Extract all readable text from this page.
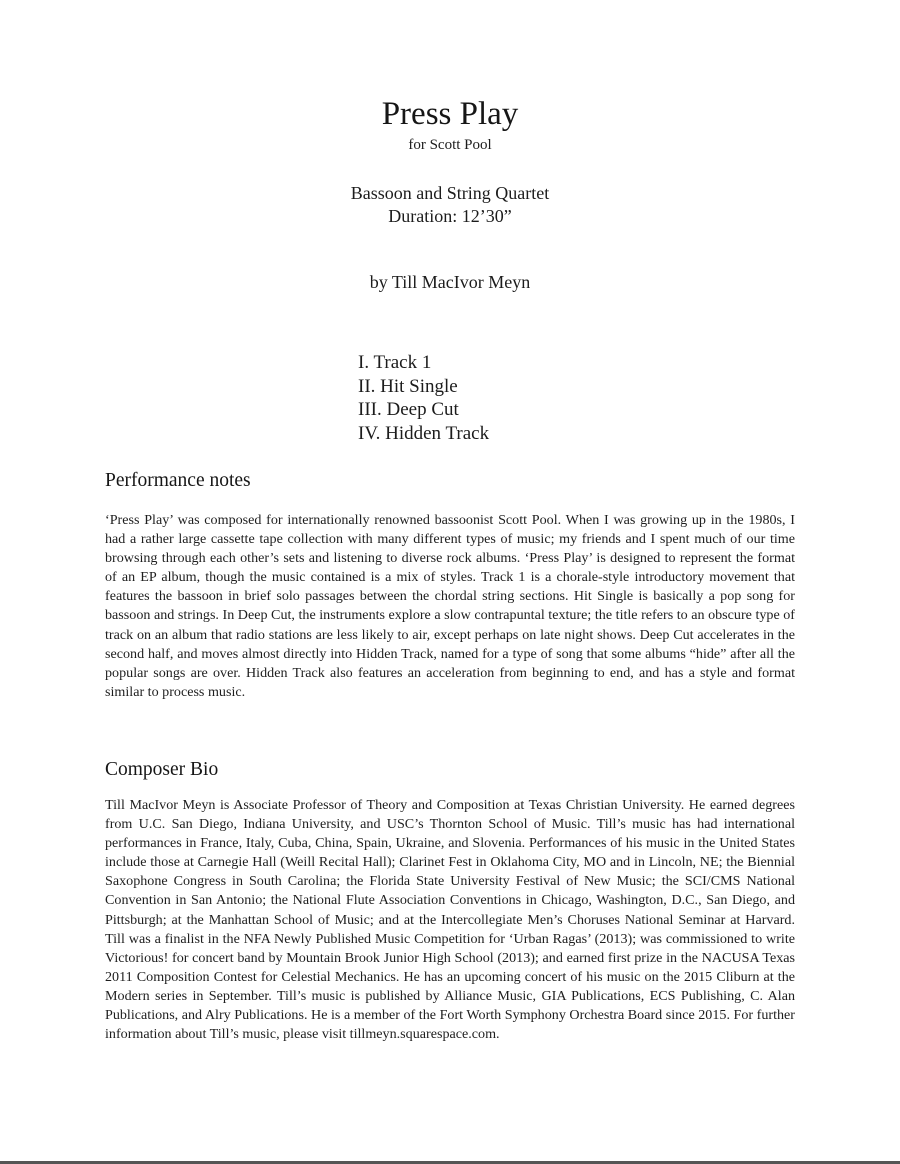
Press Play
for Scott Pool
Bassoon and String Quartet
Duration: 12’30”
by Till MacIvor Meyn
I. Track 1
II. Hit Single
III. Deep Cut
IV. Hidden Track
Performance notes

‘Press Play’ was composed for internationally renowned bassoonist Scott Pool. When I was growing up in the 1980s, I had a rather large cassette tape collection with many different types of music; my friends and I spent much of our time browsing through each other’s sets and listening to diverse rock albums. ‘Press Play’ is designed to represent the format of an EP album, though the music contained is a mix of styles. Track 1 is a chorale-style introductory movement that features the bassoon in brief solo passages between the chordal string sections. Hit Single is basically a pop song for bassoon and strings. In Deep Cut, the instruments explore a slow contrapuntal texture; the title refers to an obscure type of track on an album that radio stations are less likely to air, except perhaps on late night shows. Deep Cut accelerates in the second half, and moves almost directly into Hidden Track, named for a type of song that some albums “hide” after all the popular songs are over. Hidden Track also features an acceleration from beginning to end, and has a style and format similar to process music.

Composer Bio

Till MacIvor Meyn is Associate Professor of Theory and Composition at Texas Christian University. He earned degrees from U.C. San Diego, Indiana University, and USC’s Thornton School of Music. Till’s music has had international performances in France, Italy, Cuba, China, Spain, Ukraine, and Slovenia. Performances of his music in the United States include those at Carnegie Hall (Weill Recital Hall); Clarinet Fest in Oklahoma City, MO and in Lincoln, NE; the Biennial Saxophone Congress in South Carolina; the Florida State University Festival of New Music; the SCI/CMS National Convention in San Antonio; the National Flute Association Conventions in Chicago, Washington, D.C., San Diego, and Pittsburgh; at the Manhattan School of Music; and at the Intercollegiate Men’s Choruses National Seminar at Harvard. Till was a finalist in the NFA Newly Published Music Competition for ‘Urban Ragas’ (2013); was commissioned to write Victorious! for concert band by Mountain Brook Junior High School (2013); and earned first prize in the NACUSA Texas 2011 Composition Contest for Celestial Mechanics. He has an upcoming concert of his music on the 2015 Cliburn at the Modern series in September. Till’s music is published by Alliance Music, GIA Publications, ECS Publishing, C. Alan Publications, and Alry Publications. He is a member of the Fort Worth Symphony Orchestra Board since 2015. For further information about Till’s music, please visit tillmeyn.squarespace.com.
